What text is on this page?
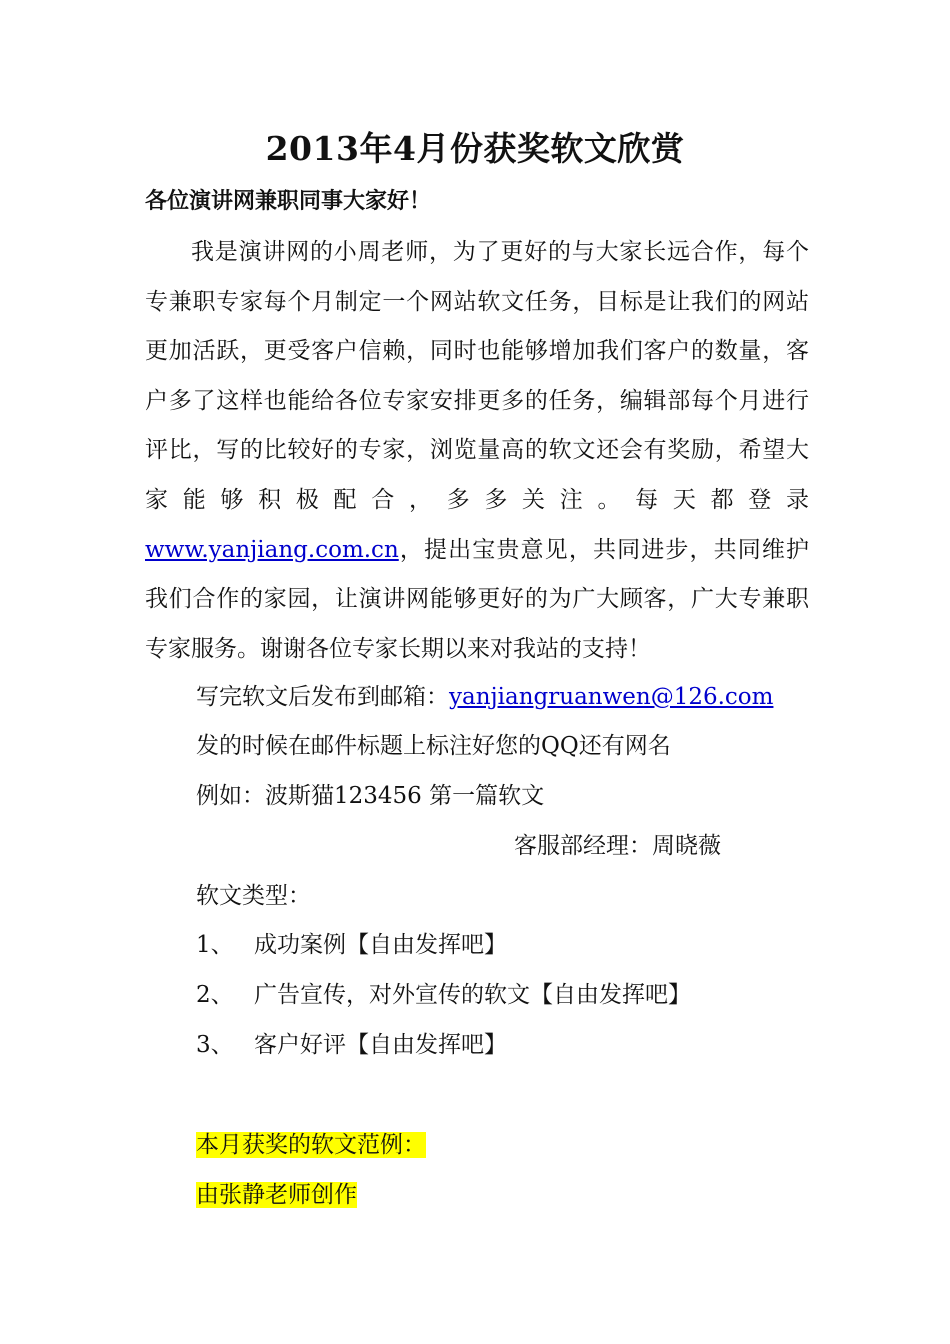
2013年4月份获奖软文欣赏
各位演讲网兼职同事大家好！
我是演讲网的小周老师，为了更好的与大家长远合作，每个专兼职专家每个月制定一个网站软文任务，目标是让我们的网站更加活跃，更受客户信赖，同时也能够增加我们客户的数量，客户多了这样也能给各位专家安排更多的任务，编辑部每个月进行评比，写的比较好的专家，浏览量高的软文还会有奖励，希望大家能够积极配合，多多关注。每天都登录www.yanjiang.com.cn，提出宝贵意见，共同进步，共同维护我们合作的家园，让演讲网能够更好的为广大顾客，广大专兼职专家服务。谢谢各位专家长期以来对我站的支持！
写完软文后发布到邮箱：yanjiangruanwen@126.com
发的时候在邮件标题上标注好您的QQ还有网名
例如：波斯猫123456 第一篇软文
客服部经理：周晓薇
软文类型：
1、 成功案例【自由发挥吧】
2、 广告宣传，对外宣传的软文【自由发挥吧】
3、 客户好评【自由发挥吧】
本月获奖的软文范例：
由张静老师创作
